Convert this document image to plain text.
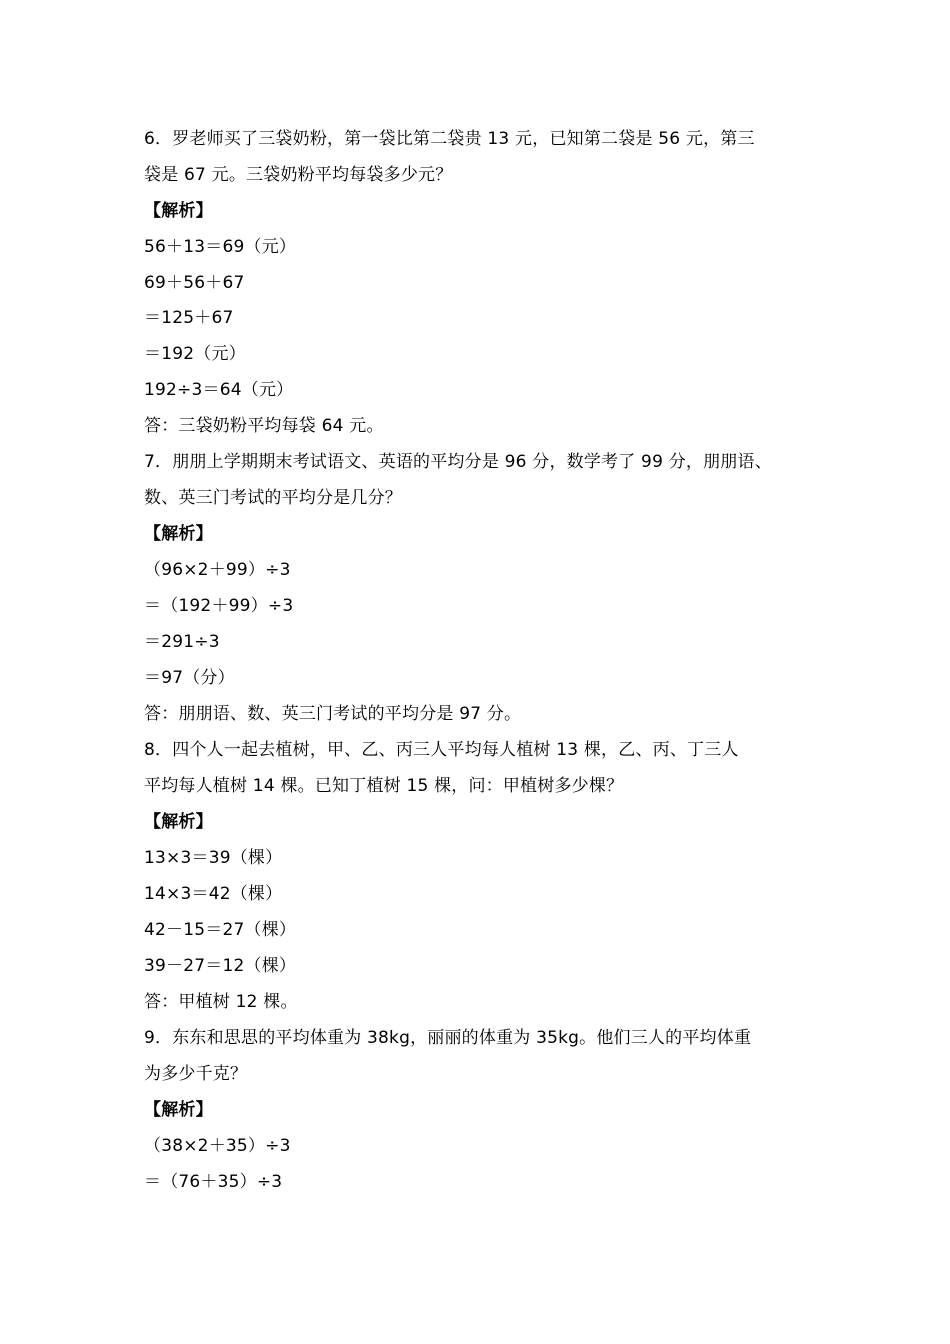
6．罗老师买了三袋奶粉，第一袋比第二袋贵 13 元，已知第二袋是 56 元，第三
袋是 67 元。三袋奶粉平均每袋多少元？
【解析】
56＋13＝69（元）
69＋56＋67
＝125＋67
＝192（元）
192÷3＝64（元）
答：三袋奶粉平均每袋 64 元。
7．朋朋上学期期末考试语文、英语的平均分是 96 分，数学考了 99 分，朋朋语、
数、英三门考试的平均分是几分？
【解析】
（96×2＋99）÷3
＝（192＋99）÷3
＝291÷3
＝97（分）
答：朋朋语、数、英三门考试的平均分是 97 分。
8．四个人一起去植树，甲、乙、丙三人平均每人植树 13 棵，乙、丙、丁三人
平均每人植树 14 棵。已知丁植树 15 棵，问：甲植树多少棵？
【解析】
13×3＝39（棵）
14×3＝42（棵）
42－15＝27（棵）
39－27＝12（棵）
答：甲植树 12 棵。
9．东东和思思的平均体重为 38kg，丽丽的体重为 35kg。他们三人的平均体重
为多少千克？
【解析】
（38×2＋35）÷3
＝（76＋35）÷3
